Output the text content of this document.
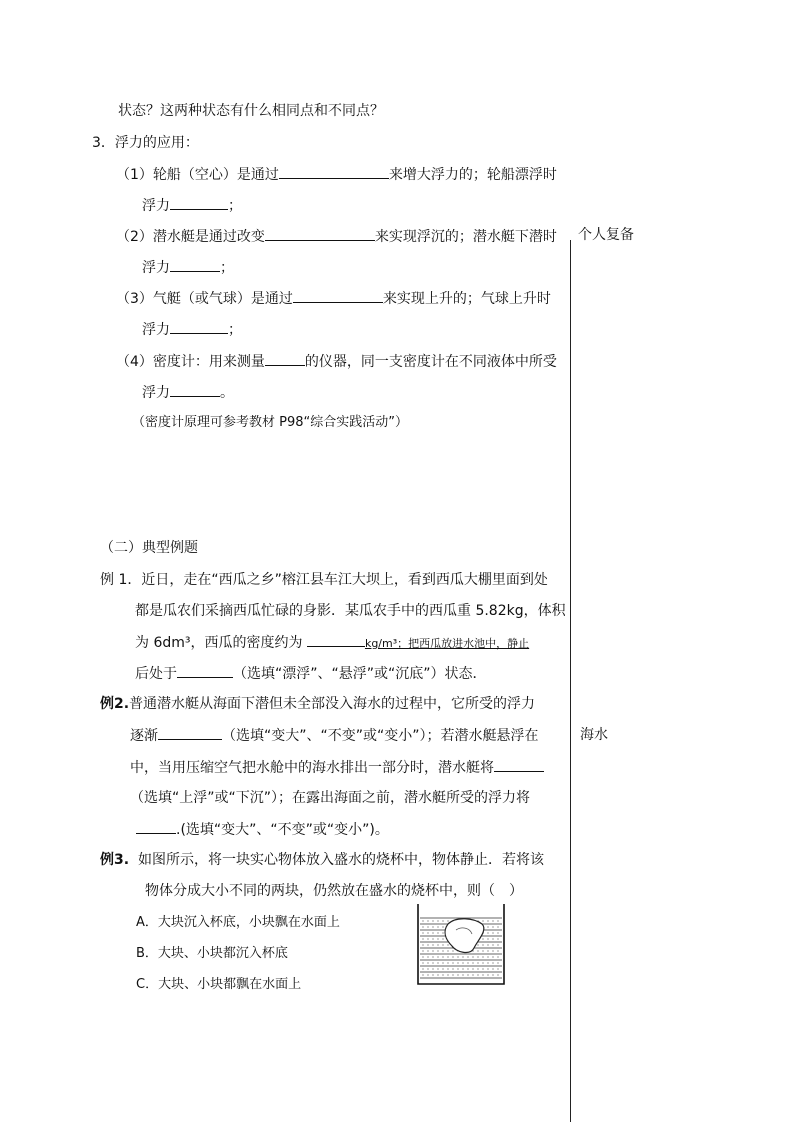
个人复备
海水
状态？这两种状态有什么相同点和不同点？
3．浮力的应用：
（1）轮船（空心）是通过	来增大浮力的；轮船漂浮时
浮力	；
（2）潜水艇是通过改变	来实现浮沉的；潜水艇下潜时
浮力	；
（3）气艇（或气球）是通过	来实现上升的；气球上升时
浮力	；
（4）密度计：用来测量	的仪器，同一支密度计在不同液体中所受
浮力	。
（密度计原理可参考教材 P98“综合实践活动”）
（二）典型例题
例 1．近日，走在“西瓜之乡”榕江县车江大坝上，看到西瓜大棚里面到处
都是瓜农们采摘西瓜忙碌的身影．某瓜农手中的西瓜重 5.82kg，体积
为 6dm³，西瓜的密度约为	kg/m³；把西瓜放进水池中，静止
后处于	（选填“漂浮”、“悬浮”或“沉底”）状态．
例2.普通潜水艇从海面下潜但未全部没入海水的过程中，它所受的浮力
逐渐	（选填“变大”、“不变”或“变小”）；若潜水艇悬浮在
中，当用压缩空气把水舱中的海水排出一部分时，潜水艇将
（选填“上浮”或“下沉”）；在露出海面之前，潜水艇所受的浮力将
.(选填“变大”、“不变”或“变小”)。
例3. 如图所示，将一块实心物体放入盛水的烧杯中，物体静止．若将该
物体分成大小不同的两块，仍然放在盛水的烧杯中，则（　）
A．大块沉入杯底，小块飘在水面上
B．大块、小块都沉入杯底
C．大块、小块都飘在水面上
